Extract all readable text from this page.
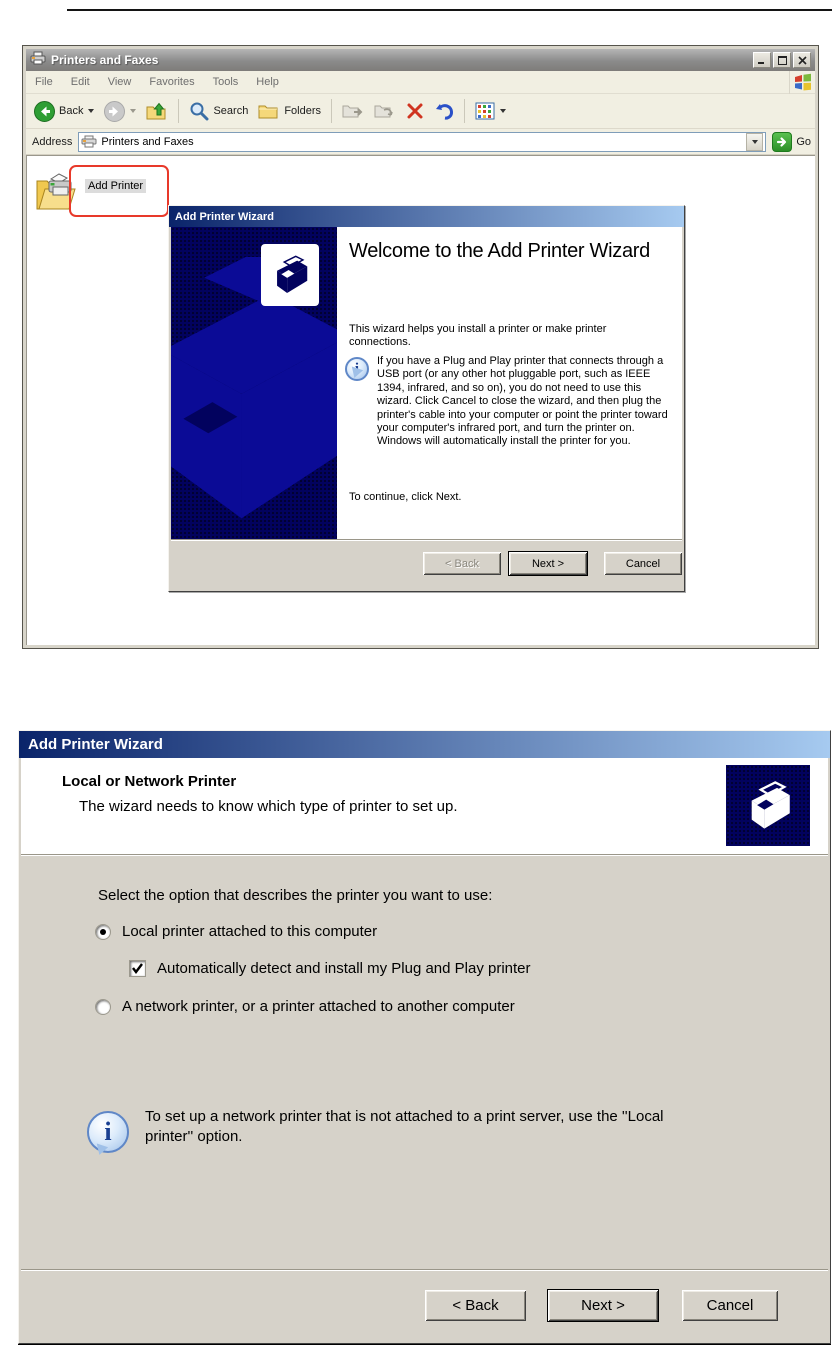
Printers and Faxes
File	Edit	View	Favorites	Tools	Help
Back	Search	Folders
Address	Printers and Faxes	Go
Add Printer
Add Printer Wizard
Welcome to the Add Printer Wizard
This wizard helps you install a printer or make printer connections.
i	If you have a Plug and Play printer that connects through a USB port (or any other hot pluggable port, such as IEEE 1394, infrared, and so on), you do not need to use this wizard. Click Cancel to close the wizard, and then plug the printer's cable into your computer or point the printer toward your computer's infrared port, and turn the printer on. Windows will automatically install the printer for you.
To continue, click Next.
< Back	Next >	Cancel
Add Printer Wizard
Local or Network Printer
The wizard needs to know which type of printer to set up.
Select the option that describes the printer you want to use:
Local printer attached to this computer
Automatically detect and install my Plug and Play printer
A network printer, or a printer attached to another computer
i
To set up a network printer that is not attached to a print server, use the ''Local printer'' option.
< Back	Next >	Cancel
